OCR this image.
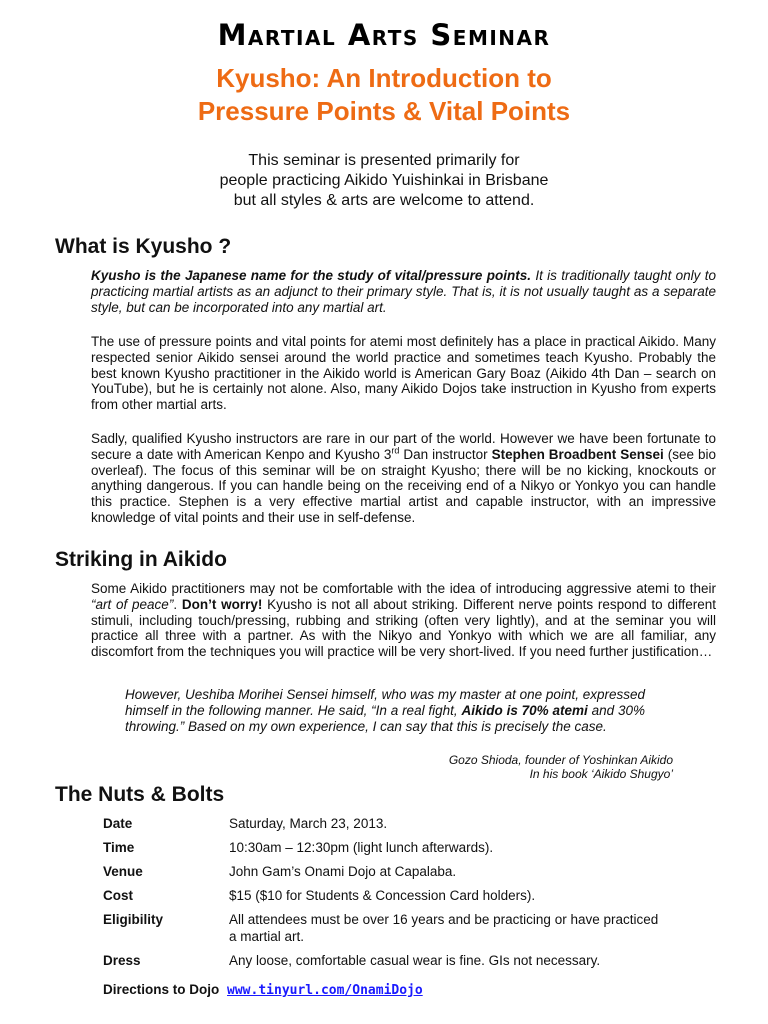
Martial Arts Seminar
Kyusho: An Introduction to
Pressure Points & Vital Points
This seminar is presented primarily for
people practicing Aikido Yuishinkai in Brisbane
but all styles & arts are welcome to attend.
What is Kyusho ?

Kyusho is the Japanese name for the study of vital/pressure points. It is traditionally taught only to practicing martial artists as an adjunct to their primary style. That is, it is not usually taught as a separate style, but can be incorporated into any martial art.

The use of pressure points and vital points for atemi most definitely has a place in practical Aikido. Many respected senior Aikido sensei around the world practice and sometimes teach Kyusho. Probably the best known Kyusho practitioner in the Aikido world is American Gary Boaz (Aikido 4th Dan – search on YouTube), but he is certainly not alone. Also, many Aikido Dojos take instruction in Kyusho from experts from other martial arts.

Sadly, qualified Kyusho instructors are rare in our part of the world. However we have been fortunate to secure a date with American Kenpo and Kyusho 3rd Dan instructor Stephen Broadbent Sensei (see bio overleaf). The focus of this seminar will be on straight Kyusho; there will be no kicking, knockouts or anything dangerous. If you can handle being on the receiving end of a Nikyo or Yonkyo you can handle this practice. Stephen is a very effective martial artist and capable instructor, with an impressive knowledge of vital points and their use in self-defense.

Striking in Aikido

Some Aikido practitioners may not be comfortable with the idea of introducing aggressive atemi to their “art of peace”. Don’t worry! Kyusho is not all about striking. Different nerve points respond to different stimuli, including touch/pressing, rubbing and striking (often very lightly), and at the seminar you will practice all three with a partner. As with the Nikyo and Yonkyo with which we are all familiar, any discomfort from the techniques you will practice will be very short-lived. If you need further justification…

However, Ueshiba Morihei Sensei himself, who was my master at one point, expressed himself in the following manner. He said, “In a real fight, Aikido is 70% atemi and 30% throwing.” Based on my own experience, I can say that this is precisely the case.

Gozo Shioda, founder of Yoshinkan Aikido
In his book ‘Aikido Shugyo’
The Nuts & Bolts
Date	Saturday, March 23, 2013.
Time	10:30am – 12:30pm (light lunch afterwards).
Venue	John Gam’s Onami Dojo at Capalaba.
Cost	$15 ($10 for Students & Concession Card holders).
Eligibility	All attendees must be over 16 years and be practicing or have practiced a martial art.
Dress	Any loose, comfortable casual wear is fine. GIs not necessary.
Directions to Dojo www.tinyurl.com/OnamiDojo
